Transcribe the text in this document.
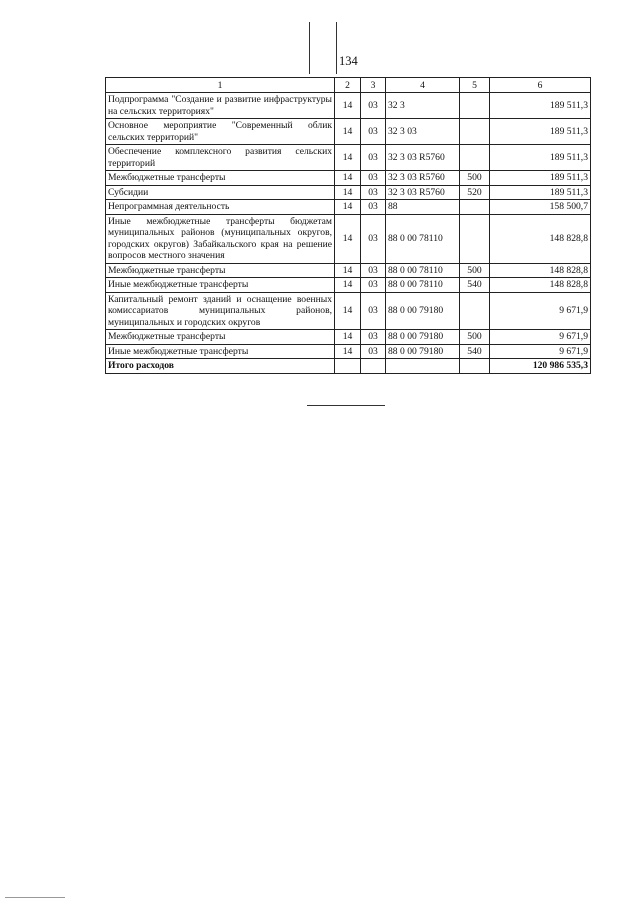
134
1	2	3	4	5	6
Подпрограмма "Создание и развитие инфраструктуры на сельских территориях"	14	03	32 3		189 511,3
Основное мероприятие "Современный облик сельских территорий"	14	03	32 3 03		189 511,3
Обеспечение комплексного развития сельских территорий	14	03	32 3 03 R5760		189 511,3
Межбюджетные трансферты	14	03	32 3 03 R5760	500	189 511,3
Субсидии	14	03	32 3 03 R5760	520	189 511,3
Непрограммная деятельность	14	03	88		158 500,7
Иные межбюджетные трансферты бюджетам муниципальных районов (муниципальных округов, городских округов) Забайкальского края на решение вопросов местного значения	14	03	88 0 00 78110		148 828,8
Межбюджетные трансферты	14	03	88 0 00 78110	500	148 828,8
Иные межбюджетные трансферты	14	03	88 0 00 78110	540	148 828,8
Капитальный ремонт зданий и оснащение военных комиссариатов муниципальных районов, муниципальных и городских округов	14	03	88 0 00 79180		9 671,9
Межбюджетные трансферты	14	03	88 0 00 79180	500	9 671,9
Иные межбюджетные трансферты	14	03	88 0 00 79180	540	9 671,9
Итого расходов					120 986 535,3
